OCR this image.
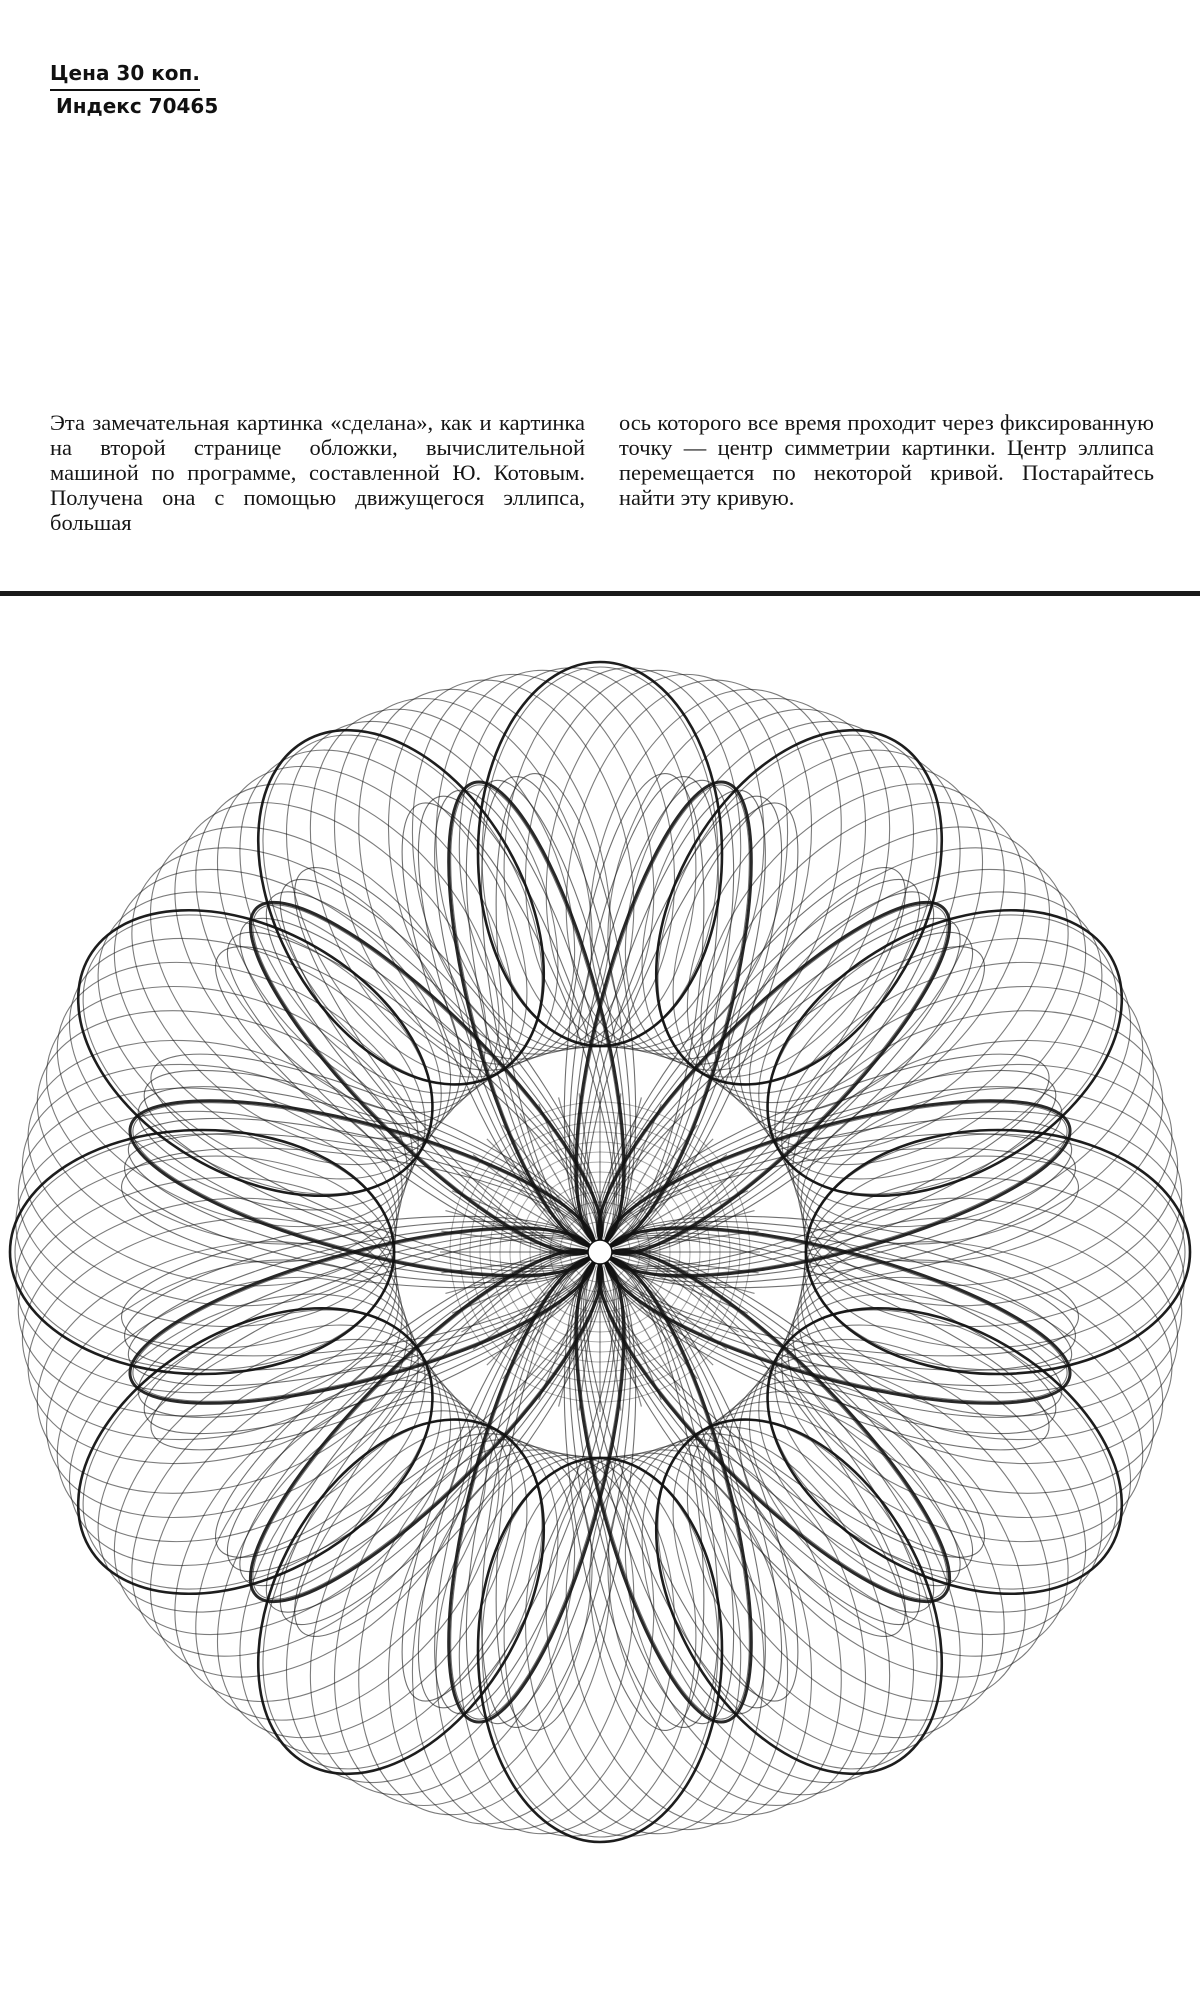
Цена 30 коп.

Индекс 70465

Эта замечательная картинка «сделана», как и картинка на второй странице обложки, вычислительной машиной по программе, составленной Ю. Котовым. Получена она с помощью движущегося эллипса, большая

ось которого все время проходит через фиксированную точку — центр симметрии картинки. Центр эллипса перемещается по некоторой кривой. Постарайтесь найти эту кривую.
